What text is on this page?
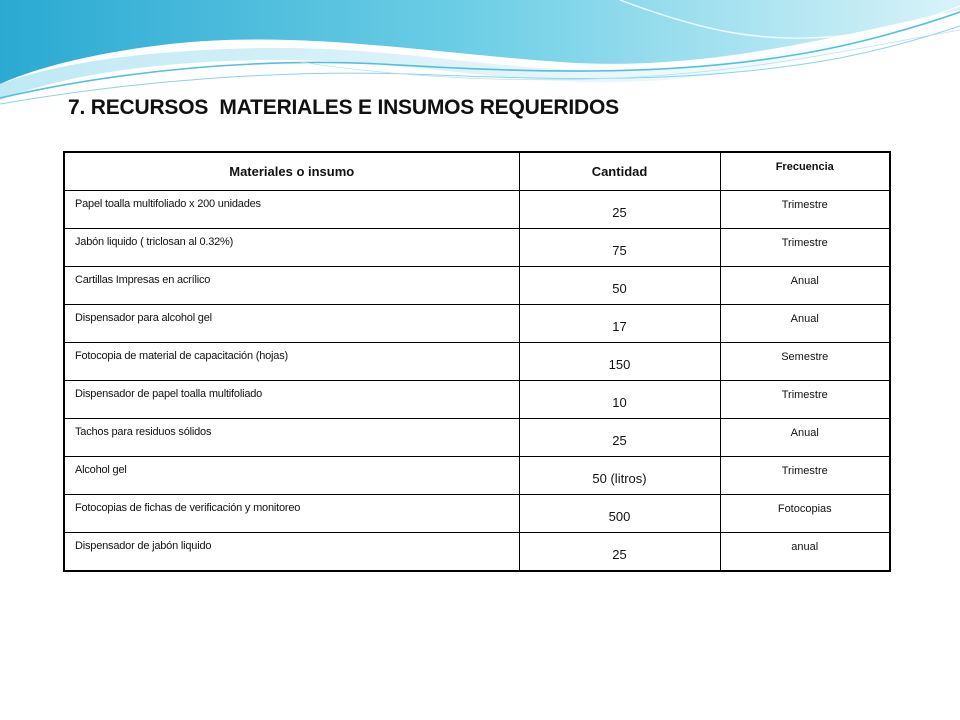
7. RECURSOS  MATERIALES E INSUMOS REQUERIDOS
Materiales o insumo	Cantidad	Frecuencia
Papel toalla multifoliado x 200 unidades	25	Trimestre
Jabón liquido ( triclosan al 0.32%)	75	Trimestre
Cartillas Impresas en acrílico	50	Anual
Dispensador para alcohol gel	17	Anual
Fotocopia de material de capacitación (hojas)	150	Semestre
Dispensador de papel toalla multifoliado	10	Trimestre
Tachos para residuos sólidos	25	Anual
Alcohol gel	50 (litros)	Trimestre
Fotocopias de fichas de verificación y monitoreo	500	Fotocopias
Dispensador de jabón liquido	25	anual
